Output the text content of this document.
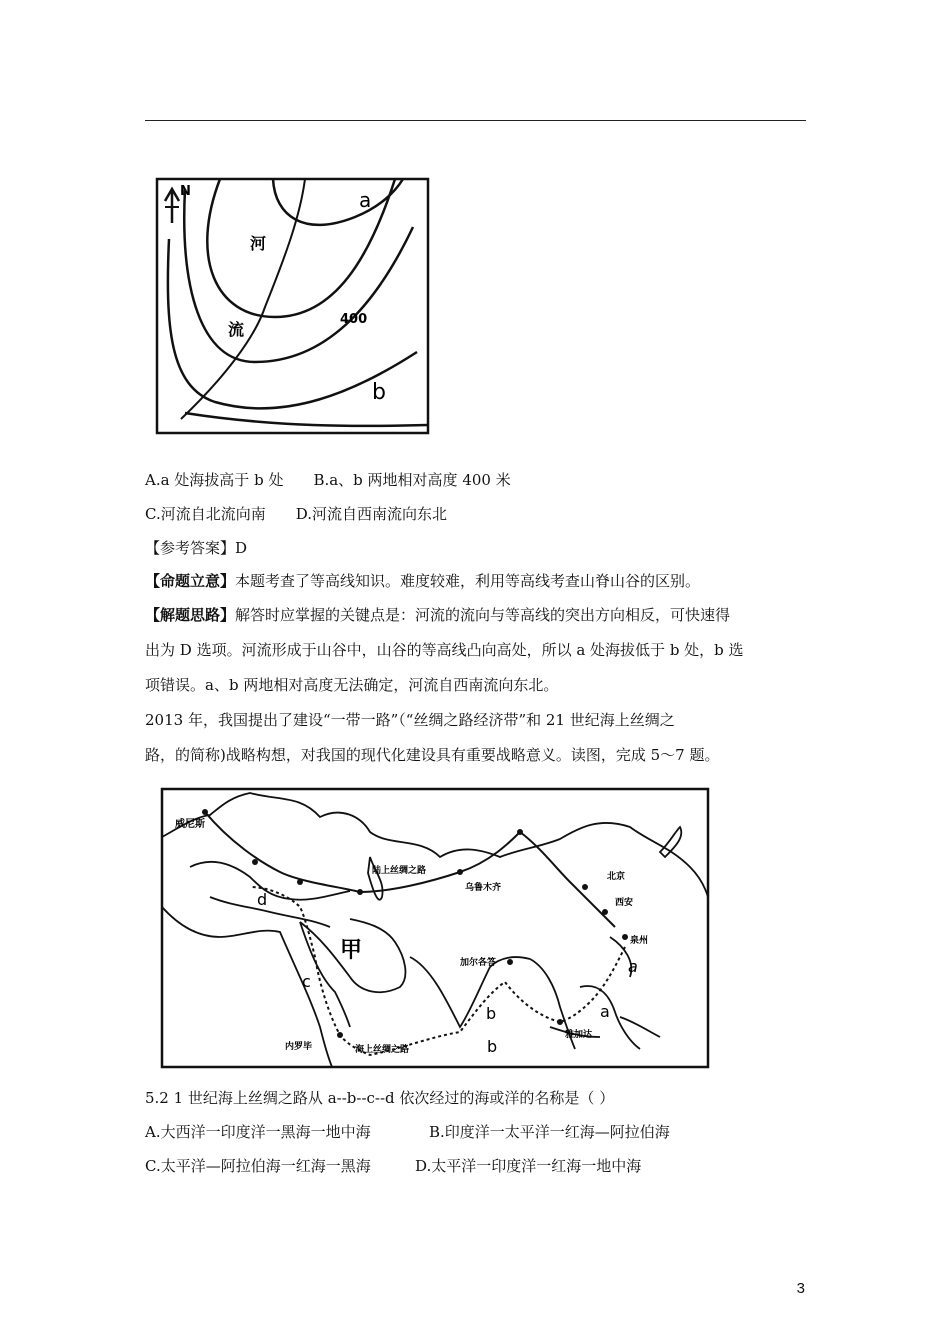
N	a
b
400
河
流
A.a 处海拔高于 b 处 B.a、b 两地相对高度 400 米
C.河流自北流向南 D.河流自西南流向东北
【参考答案】D
【命题立意】本题考查了等高线知识。难度较难，利用等高线考查山脊山谷的区别。
【解题思路】解答时应掌握的关键点是：河流的流向与等高线的突出方向相反，可快速得
出为 D 选项。河流形成于山谷中，山谷的等高线凸向高处，所以 a 处海拔低于 b 处，b 选
项错误。a、b 两地相对高度无法确定，河流自西南流向东北。
2013 年，我国提出了建设“一带一路”（“丝绸之路经济带”和 21 世纪海上丝绸之
路，的简称)战略构想，对我国的现代化建设具有重要战略意义。读图，完成 5～7 题。
威尼斯
陆上丝绸之路
乌鲁木齐
北京
西安
泉州
甲	加尔各答
内罗毕	海上丝绸之路
雅加达
a
a
b
b
c
d
5.2 1 世纪海上丝绸之路从 a--b--c--d 依次经过的海或洋的名称是（ ）
A.大西洋一印度洋一黑海一地中海	B.印度洋一太平洋一红海—阿拉伯海
C.太平洋—阿拉伯海一红海一黑海	D.太平洋一印度洋一红海一地中海
3
